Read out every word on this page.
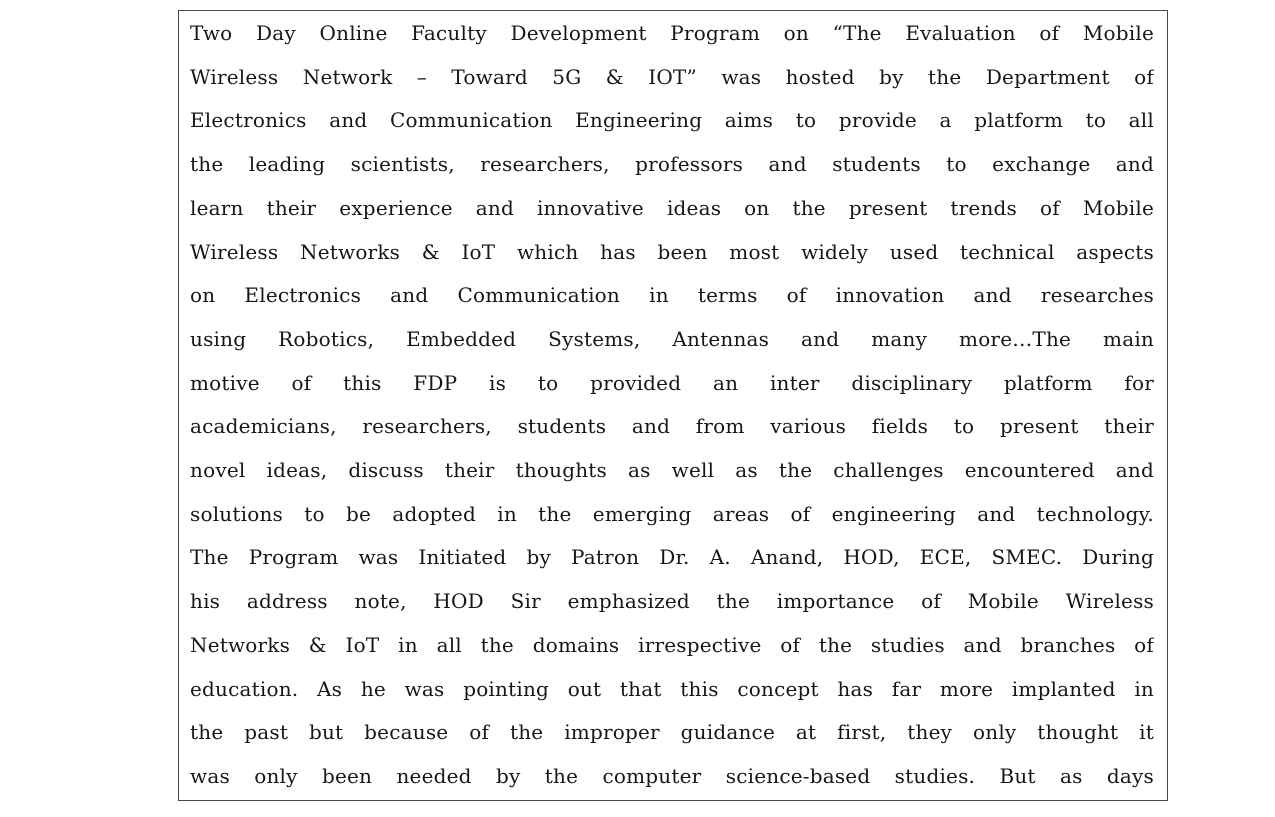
Two Day Online Faculty Development Program on “The Evaluation of Mobile
Wireless Network – Toward 5G & IOT” was hosted by the Department of
Electronics and Communication Engineering aims to provide a platform to all
the leading scientists, researchers, professors and students to exchange and
learn their experience and innovative ideas on the present trends of Mobile
Wireless Networks & IoT which has been most widely used technical aspects
on Electronics and Communication in terms of innovation and researches
using Robotics, Embedded Systems, Antennas and many more…The main
motive of this FDP is to provided an inter disciplinary platform for
academicians, researchers, students and from various fields to present their
novel ideas, discuss their thoughts as well as the challenges encountered and
solutions to be adopted in the emerging areas of engineering and technology.
The Program was Initiated by Patron Dr. A. Anand, HOD, ECE, SMEC. During
his address note, HOD Sir emphasized the importance of Mobile Wireless
Networks & IoT in all the domains irrespective of the studies and branches of
education. As he was pointing out that this concept has far more implanted in
the past but because of the improper guidance at first, they only thought it
was only been needed by the computer science-based studies. But as days
